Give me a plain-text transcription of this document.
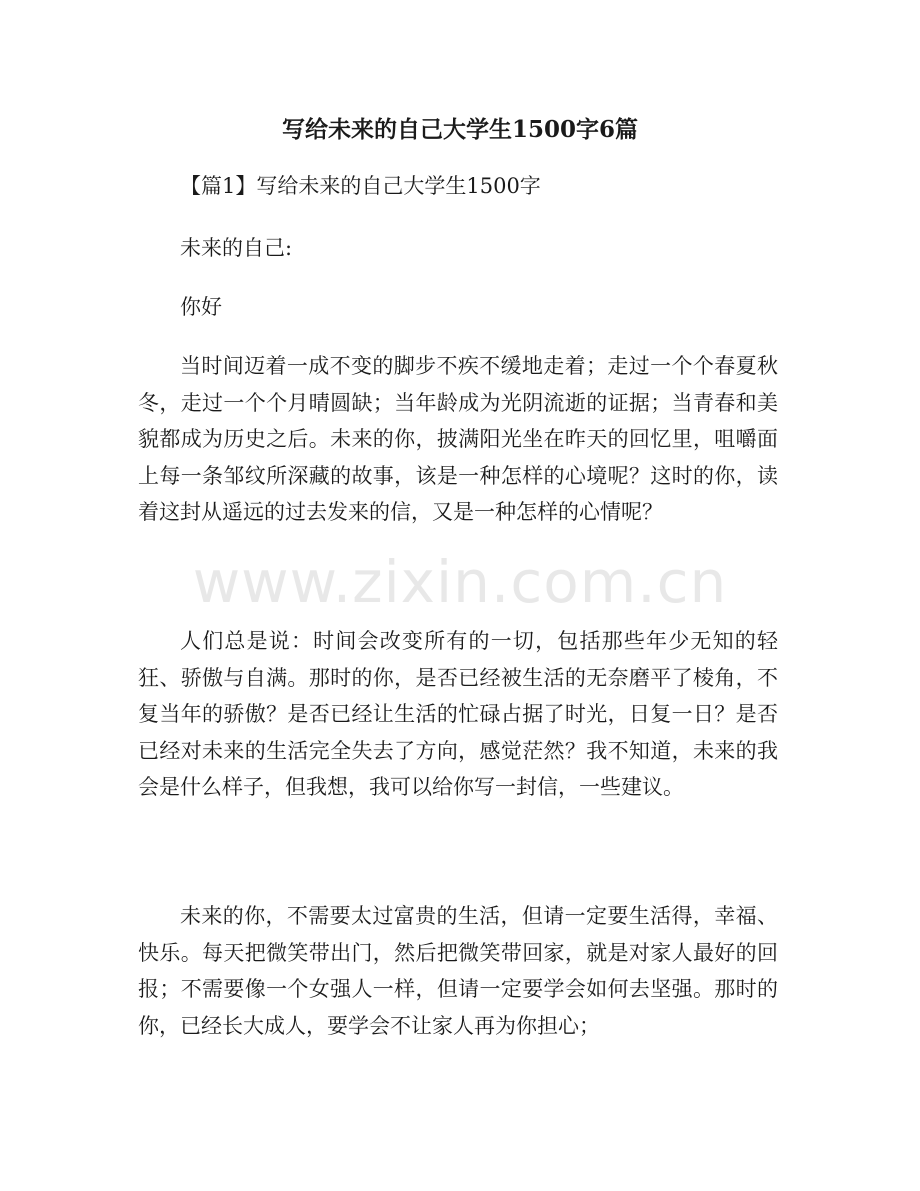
写给未来的自己大学生1500字6篇

【篇1】写给未来的自己大学生1500字

未来的自己:

你好

当时间迈着一成不变的脚步不疾不缓地走着；走过一个个春夏秋冬，走过一个个月晴圆缺；当年龄成为光阴流逝的证据；当青春和美貌都成为历史之后。未来的你，披满阳光坐在昨天的回忆里，咀嚼面上每一条邹纹所深藏的故事，该是一种怎样的心境呢？这时的你，读着这封从遥远的过去发来的信，又是一种怎样的心情呢？

人们总是说：时间会改变所有的一切，包括那些年少无知的轻狂、骄傲与自满。那时的你，是否已经被生活的无奈磨平了棱角，不复当年的骄傲？是否已经让生活的忙碌占据了时光，日复一日？是否已经对未来的生活完全失去了方向，感觉茫然？我不知道，未来的我会是什么样子，但我想，我可以给你写一封信，一些建议。

未来的你，不需要太过富贵的生活，但请一定要生活得，幸福、快乐。每天把微笑带出门，然后把微笑带回家，就是对家人最好的回报；不需要像一个女强人一样，但请一定要学会如何去坚强。那时的你，已经长大成人，要学会不让家人再为你担心；

www.zixin.com.cn
